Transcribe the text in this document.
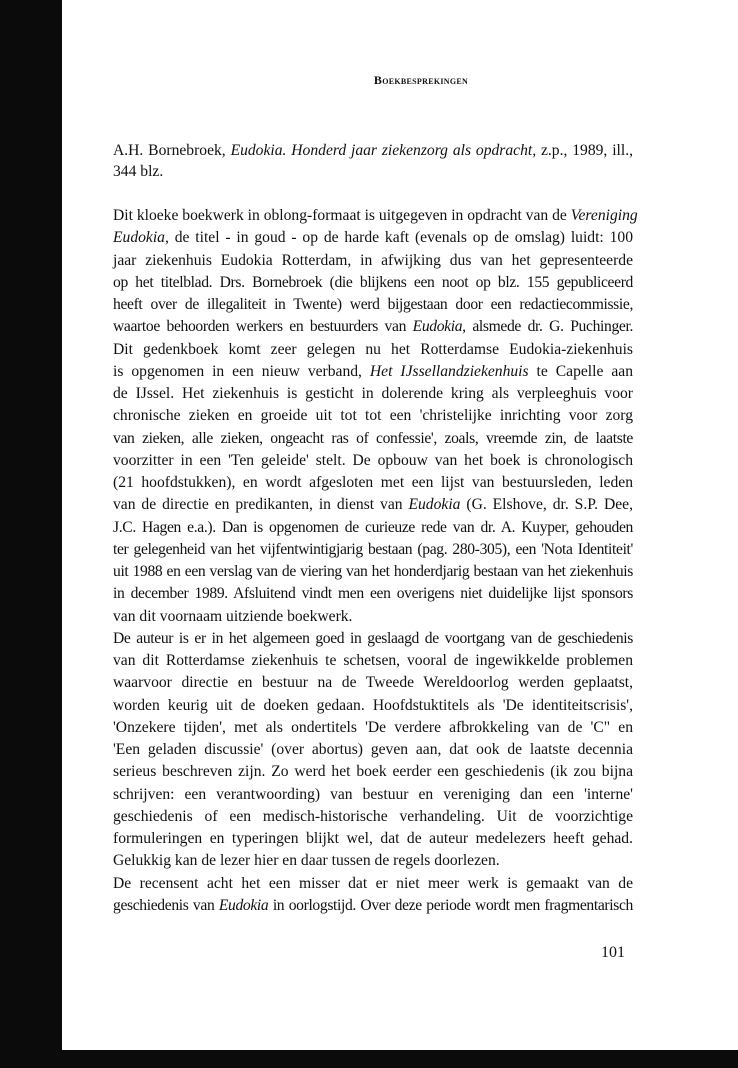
Boekbesprekingen
A.H. Bornebroek, Eudokia. Honderd jaar ziekenzorg als opdracht, z.p., 1989, ill., 344 blz.
Dit kloeke boekwerk in oblong-formaat is uitgegeven in opdracht van de Vereniging
Eudokia, de titel - in goud - op de harde kaft (evenals op de omslag) luidt: 100
jaar ziekenhuis Eudokia Rotterdam, in afwijking dus van het gepresenteerde
op het titelblad. Drs. Bornebroek (die blijkens een noot op blz. 155 gepubliceerd
heeft over de illegaliteit in Twente) werd bijgestaan door een redactiecommissie,
waartoe behoorden werkers en bestuurders van Eudokia, alsmede dr. G. Puchinger.
Dit gedenkboek komt zeer gelegen nu het Rotterdamse Eudokia-ziekenhuis
is opgenomen in een nieuw verband, Het IJssellandziekenhuis te Capelle aan
de IJssel. Het ziekenhuis is gesticht in dolerende kring als verpleeghuis voor
chronische zieken en groeide uit tot tot een 'christelijke inrichting voor zorg
van zieken, alle zieken, ongeacht ras of confessie', zoals, vreemde zin, de laatste
voorzitter in een 'Ten geleide' stelt. De opbouw van het boek is chronologisch
(21 hoofdstukken), en wordt afgesloten met een lijst van bestuursleden, leden
van de directie en predikanten, in dienst van Eudokia (G. Elshove, dr. S.P. Dee,
J.C. Hagen e.a.). Dan is opgenomen de curieuze rede van dr. A. Kuyper, gehouden
ter gelegenheid van het vijfentwintigjarig bestaan (pag. 280-305), een 'Nota Identiteit'
uit 1988 en een verslag van de viering van het honderdjarig bestaan van het ziekenhuis
in december 1989. Afsluitend vindt men een overigens niet duidelijke lijst sponsors
van dit voornaam uitziende boekwerk.
De auteur is er in het algemeen goed in geslaagd de voortgang van de geschiedenis
van dit Rotterdamse ziekenhuis te schetsen, vooral de ingewikkelde problemen
waarvoor directie en bestuur na de Tweede Wereldoorlog werden geplaatst,
worden keurig uit de doeken gedaan. Hoofdstuktitels als 'De identiteitscrisis',
'Onzekere tijden', met als ondertitels 'De verdere afbrokkeling van de 'C" en
'Een geladen discussie' (over abortus) geven aan, dat ook de laatste decennia
serieus beschreven zijn. Zo werd het boek eerder een geschiedenis (ik zou bijna
schrijven: een verantwoording) van bestuur en vereniging dan een 'interne'
geschiedenis of een medisch-historische verhandeling. Uit de voorzichtige
formuleringen en typeringen blijkt wel, dat de auteur medelezers heeft gehad.
Gelukkig kan de lezer hier en daar tussen de regels doorlezen.
De recensent acht het een misser dat er niet meer werk is gemaakt van de
geschiedenis van Eudokia in oorlogstijd. Over deze periode wordt men fragmentarisch
101
